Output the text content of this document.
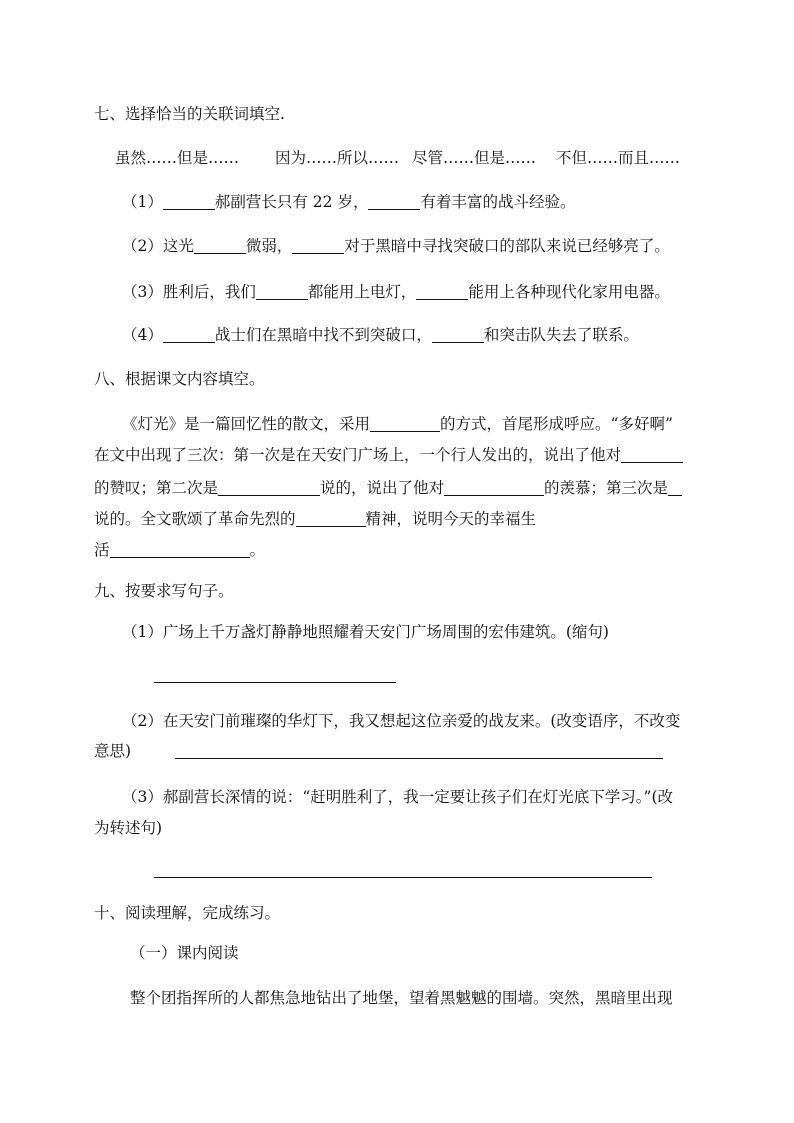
七、选择恰当的关联词填空.
虽然……但是…… 因为……所以…… 尽管……但是…… 不但……而且……
（1）	郝副营长只有 22 岁，	有着丰富的战斗经验。
（2）这光	微弱，	对于黑暗中寻找突破口的部队来说已经够亮了。
（3）胜利后，我们	都能用上电灯，	能用上各种现代化家用电器。
（4）	战士们在黑暗中找不到突破口，	和突击队失去了联系。
八、根据课文内容填空。
《灯光》是一篇回忆性的散文，采用	的方式，首尾形成呼应。“多好啊”
在文中出现了三次：第一次是在天安门广场上，一个行人发出的，说出了他对
的赞叹；第二次是	说的，说出了他对	的羡慕；第三次是
说的。全文歌颂了革命先烈的	精神，说明今天的幸福生
活	。
九、按要求写句子。
（1）广场上千万盏灯静静地照耀着天安门广场周围的宏伟建筑。(缩句)
（2）在天安门前璀璨的华灯下，我又想起这位亲爱的战友来。(改变语序，不改变
意思)
（3）郝副营长深情的说：“赶明胜利了，我一定要让孩子们在灯光底下学习。”(改
为转述句)
十、阅读理解，完成练习。
（一）课内阅读
整个团指挥所的人都焦急地钻出了地堡，望着黑魆魆的围墙。突然，黑暗里出现
